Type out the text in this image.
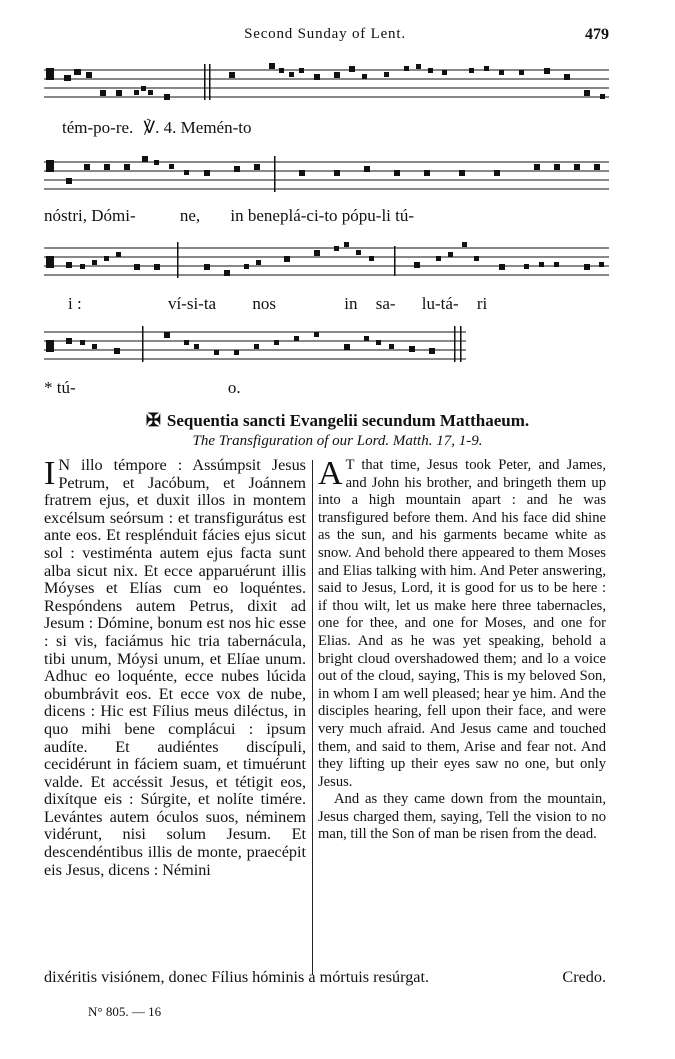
Second Sunday of Lent.	479
tém-po-re. ℣. 4. Memén-to
nóstri, Dómi-	ne, in beneplá-ci-to pópu-li tú-
i :	ví-si-ta nos	in sa- lu-tá- ri
* tú-	o.
✠ Sequentia sancti Evangelii secundum Matthaeum.
The Transfiguration of our Lord. Matth. 17, 1-9.

I N illo témpore : Assúmpsit Jesus Petrum, et Jacóbum, et Joánnem fratrem ejus, et duxit illos in montem excélsum seórsum : et transfigurátus est ante eos. Et resplénduit fácies ejus sicut sol : vestiménta autem ejus facta sunt alba sicut nix. Et ecce apparuérunt illis Móyses et Elías cum eo loquéntes. Respóndens autem Petrus, dixit ad Jesum : Dómine, bonum est nos hic esse : si vis, faciámus hic tria tabernácula, tibi unum, Móysi unum, et Elíae unum. Adhuc eo loquénte, ecce nubes lúcida obumbrávit eos. Et ecce vox de nube, dicens : Hic est Fílius meus diléctus, in quo mihi bene complácui : ipsum audíte. Et audiéntes discípuli, cecidérunt in fáciem suam, et timuérunt valde. Et accéssit Jesus, et tétigit eos, dixítque eis : Súrgite, et nolíte timére. Levántes autem óculos suos, néminem vidérunt, nisi solum Jesum. Et descendéntibus illis de monte, praecépit eis Jesus, dicens : Némini

A T that time, Jesus took Peter, and James, and John his brother, and bringeth them up into a high mountain apart : and he was transfigured before them. And his face did shine as the sun, and his garments became white as snow. And behold there appeared to them Moses and Elias talking with him. And Peter answering, said to Jesus, Lord, it is good for us to be here : if thou wilt, let us make here three tabernacles, one for thee, and one for Moses, and one for Elias. And as he was yet speaking, behold a bright cloud overshadowed them; and lo a voice out of the cloud, saying, This is my beloved Son, in whom I am well pleased; hear ye him. And the disciples hearing, fell upon their face, and were very much afraid. And Jesus came and touched them, and said to them, Arise and fear not. And they lifting up their eyes saw no one, but only Jesus.

And as they came down from the mountain, Jesus charged them, saying, Tell the vision to no man, till the Son of man be risen from the dead.

dixéritis visiónem, donec Fílius hóminis a mórtuis resúrgat.	Credo.
N° 805. — 16
